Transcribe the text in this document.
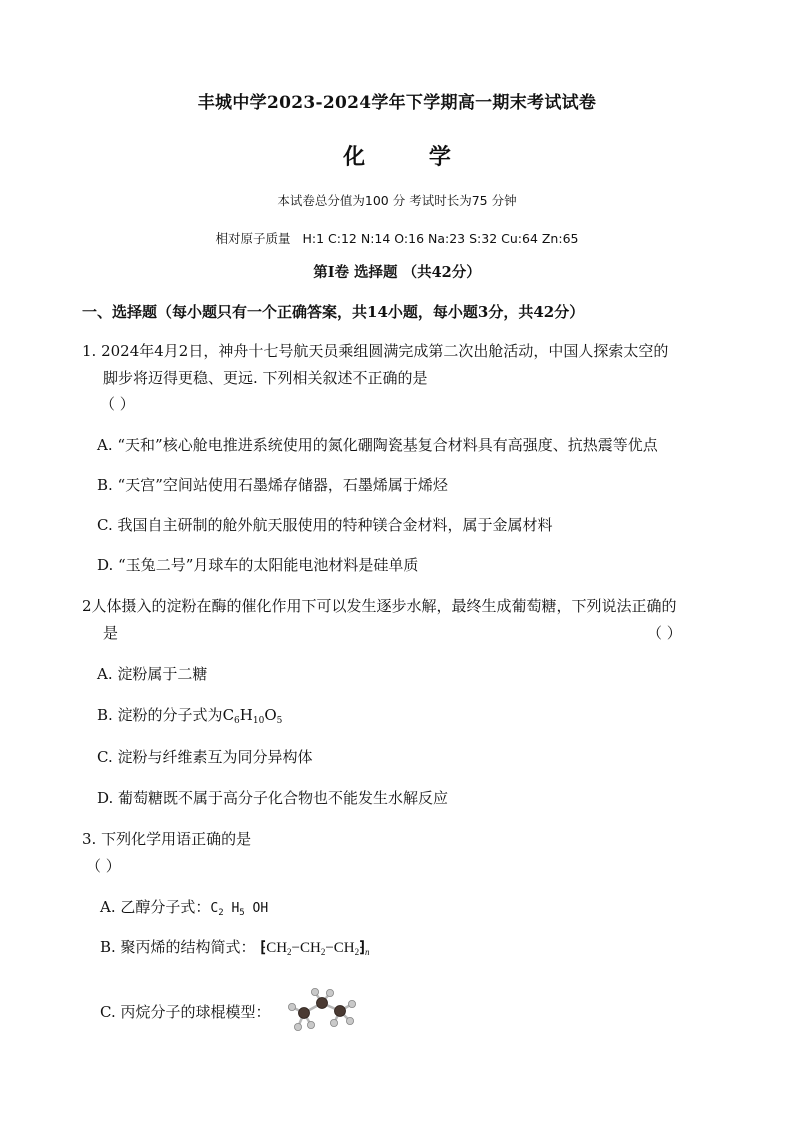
丰城中学2023-2024学年下学期高一期末考试试卷
化 学
本试卷总分值为100 分 考试时长为75 分钟
相对原子质量 H:1 C:12 N:14 O:16 Na:23 S:32 Cu:64 Zn:65
第Ⅰ卷 选择题 （共42分）
一、选择题（每小题只有一个正确答案，共14小题，每小题3分，共42分）
1. 2024年4月2日，神舟十七号航天员乘组圆满完成第二次出舱活动，中国人探索太空的
脚步将迈得更稳、更远. 下列相关叙述不正确的是
（ ）
A. “天和”核心舱电推进系统使用的氮化硼陶瓷基复合材料具有高强度、抗热震等优点
B. “天宫”空间站使用石墨烯存储器，石墨烯属于烯烃
C. 我国自主研制的舱外航天服使用的特种镁合金材料，属于金属材料
D. “玉兔二号”月球车的太阳能电池材料是硅单质
2人体摄入的淀粉在酶的催化作用下可以发生逐步水解，最终生成葡萄糖，下列说法正确的
是	（ ）
A. 淀粉属于二糖
B. 淀粉的分子式为$C_6H_{10}O_5$
C. 淀粉与纤维素互为同分异构体
D. 葡萄糖既不属于高分子化合物也不能发生水解反应
3. 下列化学用语正确的是
（ ）
A. 乙醇分子式：$C_2$ $H_5$ OH
B. 聚丙烯的结构简式： $⁅CH_2-CH_2-CH_2⁆_n$
C. 丙烷分子的球棍模型：
